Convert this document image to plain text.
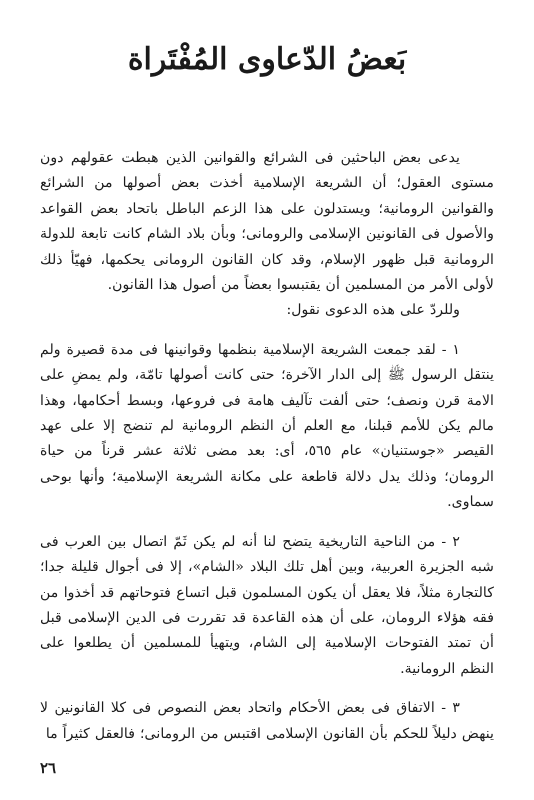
بَعضُ الدّعاوى المُفْتَراة

يدعى بعض الباحثين فى الشرائع والقوانين الذين هبطت عقولهم دون مستوى العقول؛ أن الشريعة الإسلامية أخذت بعض أصولها من الشرائع والقوانين الرومانية؛ ويستدلون على هذا الزعم الباطل باتحاد بعض القواعد والأصول فى القانونين الإسلامى والرومانى؛ وبأن بلاد الشام كانت تابعة للدولة الرومانية قبل ظهور الإسلام، وقد كان القانون الرومانى يحكمها، فهيّأ ذلك لأولى الأمر من المسلمين أن يقتبسوا بعضاً من أصول هذا القانون.

وللردّ على هذه الدعوى نقول:

١ - لقد جمعت الشريعة الإسلامية بنظمها وقوانينها فى مدة قصيرة ولم ينتقل الرسول ﷺ إلى الدار الآخرة؛ حتى كانت أصولها تامّة، ولم يمضِ على الامة قرن ونصف؛ حتى ألفت تآليف هامة فى فروعها، وبسط أحكامها، وهذا مالم يكن للأمم قبلنا، مع العلم أن النظم الرومانية لم تنضج إلا على عهد القيصر «جوستنيان» عام ٥٦٥، أى: بعد مضى ثلاثة عشر قرناً من حياة الرومان؛ وذلك يدل دلالة قاطعة على مكانة الشريعة الإسلامية؛ وأنها بوحى سماوى.

٢ - من الناحية التاريخية يتضح لنا أنه لم يكن ثَمّ اتصال بين العرب فى شبه الجزيرة العربية، وبين أهل تلك البلاد «الشام»، إلا فى أجوال قليلة جدا؛ كالتجارة مثلاً، فلا يعقل أن يكون المسلمون قبل اتساع فتوحاتهم قد أخذوا من فقه هؤلاء الرومان، على أن هذه القاعدة قد تقررت فى الدين الإسلامى قبل أن تمتد الفتوحات الإسلامية إلى الشام، ويتهيأ للمسلمين أن يطلعوا على النظم الرومانية.

٣ - الاتفاق فى بعض الأحكام واتحاد بعض النصوص فى كلا القانونين لا ينهض دليلاً للحكم بأن القانون الإسلامى اقتبس من الرومانى؛ فالعقل كثيراً ما

٢٦
